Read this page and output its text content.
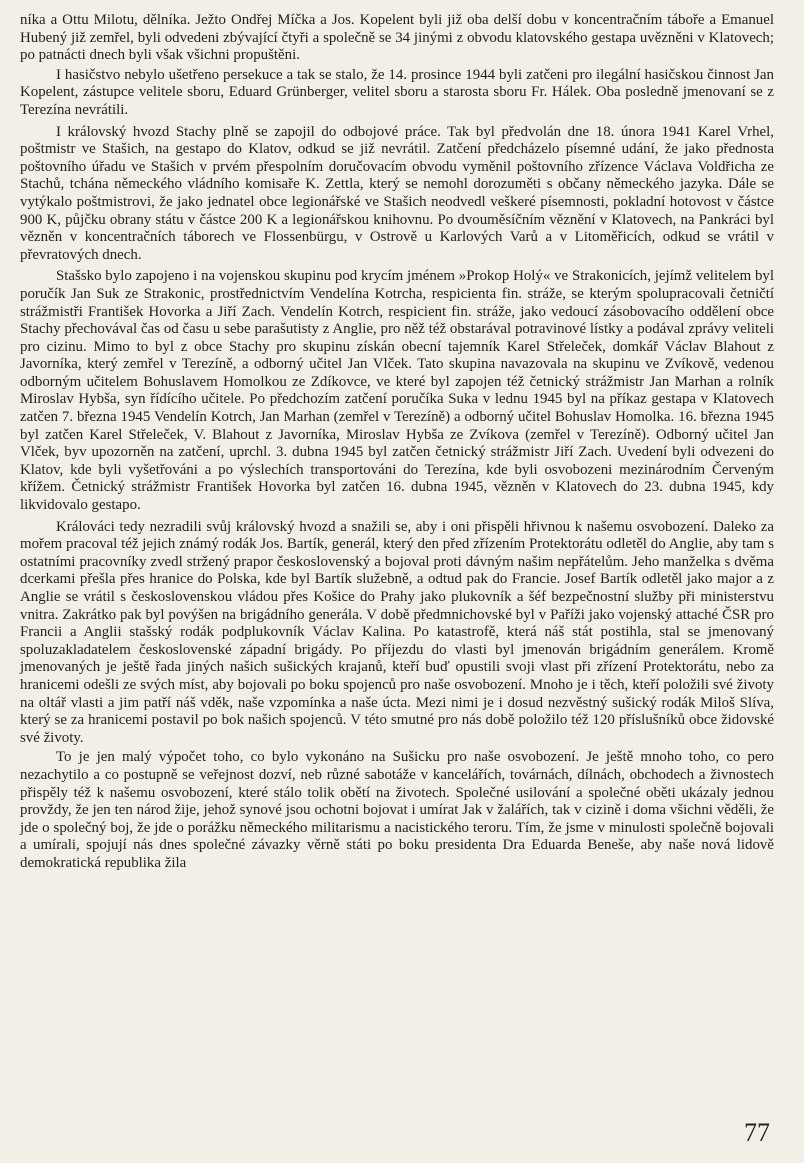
níka a Ottu Milotu, dělníka. Ježto Ondřej Míčka a Jos. Kopelent byli již oba delší dobu v koncentračním táboře a Emanuel Hubený již zemřel, byli odvedeni zbývající čtyři a společně se 34 jinými z obvodu klatovského gestapa uvězněni v Klatovech; po patnácti dnech byli však všichni propuštěni.

I hasičstvo nebylo ušetřeno persekuce a tak se stalo, že 14. prosince 1944 byli zatčeni pro ilegální hasičskou činnost Jan Kopelent, zástupce velitele sboru, Eduard Grünberger, velitel sboru a starosta sboru Fr. Hálek. Oba posledně jmenovaní se z Terezína nevrátili.

I královský hvozd Stachy plně se zapojil do odbojové práce. Tak byl předvolán dne 18. února 1941 Karel Vrhel, poštmistr ve Stašich, na gestapo do Klatov, odkud se již nevrátil. Zatčení předcházelo písemné udání, že jako přednosta poštovního úřadu ve Stašich v prvém přespolním doručovacím obvodu vyměnil poštovního zřízence Václava Voldřicha ze Stachů, tchána německého vládního komisaře K. Zettla, který se nemohl dorozuměti s občany německého jazyka. Dále se vytýkalo poštmistrovi, že jako jednatel obce legionářské ve Stašich neodvedl veškeré písemnosti, pokladní hotovost v částce 900 K, půjčku obrany státu v částce 200 K a legionářskou knihovnu. Po dvouměsíčním věznění v Klatovech, na Pankráci byl vězněn v koncentračních táborech ve Flossenbürgu, v Ostrově u Karlových Varů a v Litoměřicích, odkud se vrátil v převratových dnech.

Stašsko bylo zapojeno i na vojenskou skupinu pod krycím jménem »Prokop Holý« ve Strakonicích, jejímž velitelem byl poručík Jan Suk ze Strakonic, prostřednictvím Vendelína Kotrcha, respicienta fin. stráže, se kterým spolupracovali četničtí strážmistři František Hovorka a Jiří Zach. Vendelín Kotrch, respicient fin. stráže, jako vedoucí zásobovacího oddělení obce Stachy přechovával čas od času u sebe parašutisty z Anglie, pro něž též obstarával potravinové lístky a podával zprávy veliteli pro cizinu. Mimo to byl z obce Stachy pro skupinu získán obecní tajemník Karel Střeleček, domkář Václav Blahout z Javorníka, který zemřel v Terezíně, a odborný učitel Jan Vlček. Tato skupina navazovala na skupinu ve Zvíkově, vedenou odborným učitelem Bohuslavem Homolkou ze Zdíkovce, ve které byl zapojen též četnický strážmistr Jan Marhan a rolník Miroslav Hybša, syn řídícího učitele. Po předchozím zatčení poručíka Suka v lednu 1945 byl na příkaz gestapa v Klatovech zatčen 7. března 1945 Vendelín Kotrch, Jan Marhan (zemřel v Terezíně) a odborný učitel Bohuslav Homolka. 16. března 1945 byl zatčen Karel Střeleček, V. Blahout z Javorníka, Miroslav Hybša ze Zvíkova (zemřel v Terezíně). Odborný učitel Jan Vlček, byv upozorněn na zatčení, uprchl. 3. dubna 1945 byl zatčen četnický strážmistr Jiří Zach. Uvedení byli odvezeni do Klatov, kde byli vyšetřováni a po výslechích transportováni do Terezína, kde byli osvobozeni mezinárodním Červeným křížem. Četnický strážmistr František Hovorka byl zatčen 16. dubna 1945, vězněn v Klatovech do 23. dubna 1945, kdy likvidovalo gestapo.

Králováci tedy nezradili svůj královský hvozd a snažili se, aby i oni přispěli hřivnou k našemu osvobození. Daleko za mořem pracoval též jejich známý rodák Jos. Bartík, generál, který den před zřízením Protektorátu odletěl do Anglie, aby tam s ostatními pracovníky zvedl stržený prapor československý a bojoval proti dávným našim nepřátelům. Jeho manželka s dvěma dcerkami přešla přes hranice do Polska, kde byl Bartík služebně, a odtud pak do Francie. Josef Bartík odletěl jako major a z Anglie se vrátil s československou vládou přes Košice do Prahy jako plukovník a šéf bezpečnostní služby při ministerstvu vnitra. Zakrátko pak byl povýšen na brigádního generála. V době předmnichovské byl v Paříži jako vojenský attaché ČSR pro Francii a Anglii stašský rodák podplukovník Václav Kalina. Po katastrofě, která náš stát postihla, stal se jmenovaný spoluzakladatelem československé západní brigády. Po příjezdu do vlasti byl jmenován brigádním generálem. Kromě jmenovaných je ještě řada jiných našich sušických krajanů, kteří buď opustili svoji vlast při zřízení Protektorátu, nebo za hranicemi odešli ze svých míst, aby bojovali po boku spojenců pro naše osvobození. Mnoho je i těch, kteří položili své životy na oltář vlasti a jim patří náš vděk, naše vzpomínka a naše úcta. Mezi nimi je i dosud nezvěstný sušický rodák Miloš Slíva, který se za hranicemi postavil po bok našich spojenců. V této smutné pro nás době položilo též 120 příslušníků obce židovské své životy.

To je jen malý výpočet toho, co bylo vykonáno na Sušicku pro naše osvobození. Je ještě mnoho toho, co pero nezachytilo a co postupně se veřejnost dozví, neb různé sabotáže v kancelářích, továrnách, dílnách, obchodech a živnostech přispěly též k našemu osvobození, které stálo tolik obětí na životech. Společné usilování a společné oběti ukázaly jednou provždy, že jen ten národ žije, jehož synové jsou ochotni bojovat i umírat Jak v žalářích, tak v cizině i doma všichni věděli, že jde o společný boj, že jde o porážku německého militarismu a nacistického teroru. Tím, že jsme v minulosti společně bojovali a umírali, spojují nás dnes společné závazky věrně státi po boku presidenta Dra Eduarda Beneše, aby naše nová lidově demokratická republika žila

77
